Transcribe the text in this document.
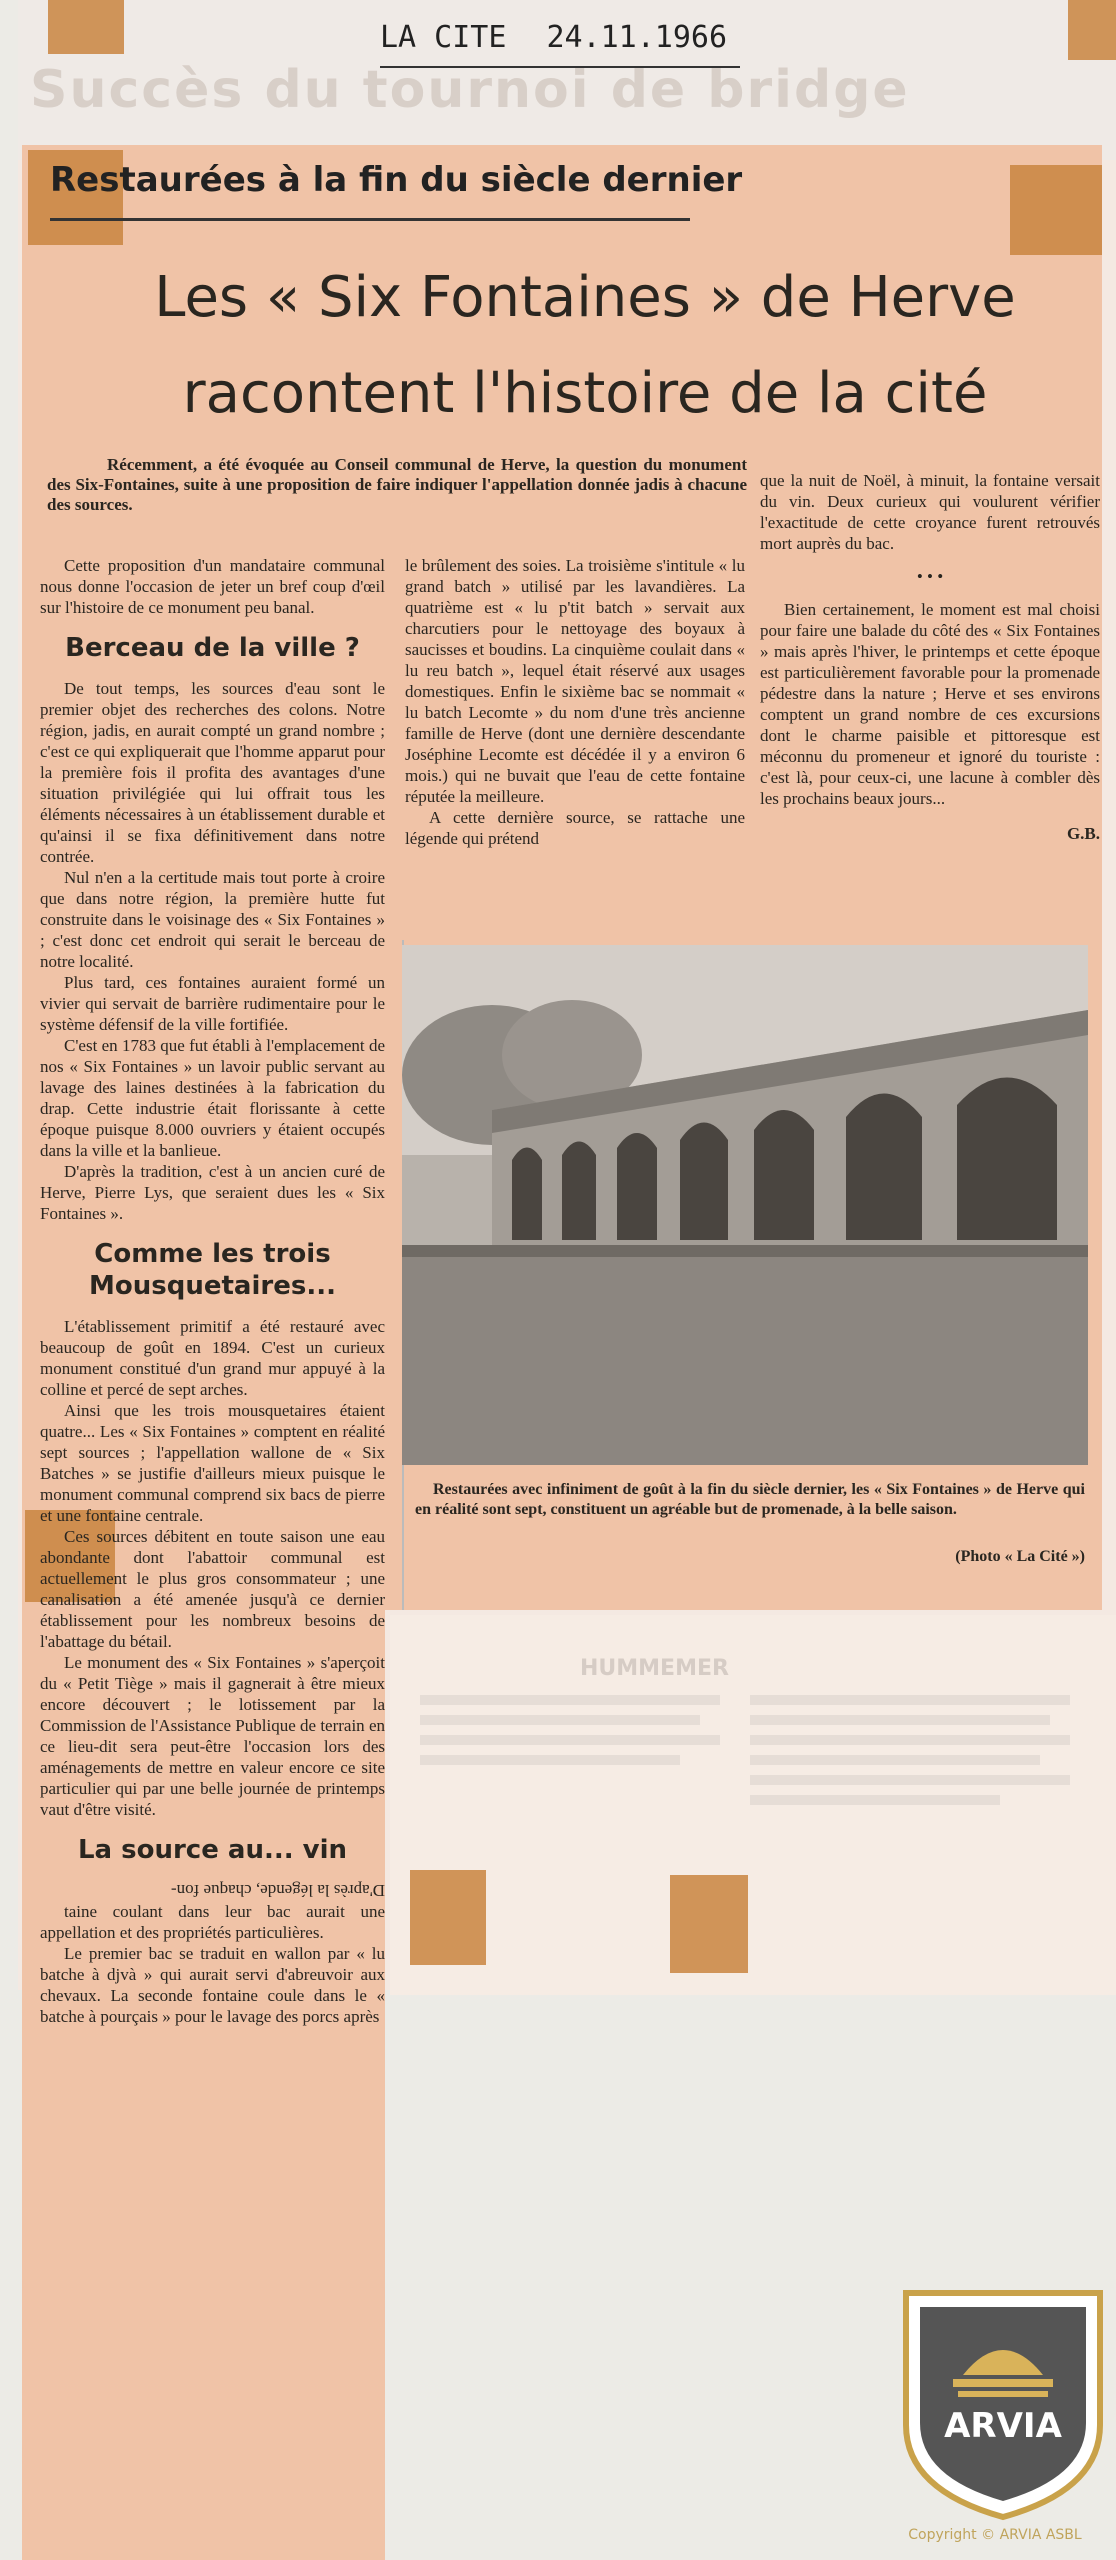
Succès du tournoi de bridge
LA CITE 24.11.1966
HUMMEMER
Restaurées à la fin du siècle dernier
Les « Six Fontaines » de Herve
racontent l'histoire de la cité
Récemment, a été évoquée au Conseil communal de Herve, la question du monument des Six-Fontaines, suite à une proposition de faire indiquer l'appellation donnée jadis à chacune des sources.

Cette proposition d'un mandataire communal nous donne l'occasion de jeter un bref coup d'œil sur l'histoire de ce monument peu banal.

Berceau de la ville ?

De tout temps, les sources d'eau sont le premier objet des recherches des colons. Notre région, jadis, en aurait compté un grand nombre ; c'est ce qui expliquerait que l'homme apparut pour la première fois il profita des avantages d'une situation privilégiée qui lui offrait tous les éléments nécessaires à un établissement durable et qu'ainsi il se fixa définitivement dans notre contrée.

Nul n'en a la certitude mais tout porte à croire que dans notre région, la première hutte fut construite dans le voisinage des « Six Fontaines » ; c'est donc cet endroit qui serait le berceau de notre localité.

Plus tard, ces fontaines auraient formé un vivier qui servait de barrière rudimentaire pour le système défensif de la ville fortifiée.

C'est en 1783 que fut établi à l'emplacement de nos « Six Fontaines » un lavoir public servant au lavage des laines destinées à la fabrication du drap. Cette industrie était florissante à cette époque puisque 8.000 ouvriers y étaient occupés dans la ville et la banlieue.

D'après la tradition, c'est à un ancien curé de Herve, Pierre Lys, que seraient dues les « Six Fontaines ».

Comme les trois Mousquetaires...

L'établissement primitif a été restauré avec beaucoup de goût en 1894. C'est un curieux monument constitué d'un grand mur appuyé à la colline et percé de sept arches.

Ainsi que les trois mousquetaires étaient quatre... Les « Six Fontaines » comptent en réalité sept sources ; l'appellation wallone de « Six Batches » se justifie d'ailleurs mieux puisque le monument communal comprend six bacs de pierre et une fontaine centrale.

Ces sources débitent en toute saison une eau abondante dont l'abattoir communal est actuellement le plus gros consommateur ; une canalisation a été amenée jusqu'à ce dernier établissement pour les nombreux besoins de l'abattage du bétail.

Le monument des « Six Fontaines » s'aperçoit du « Petit Tiège » mais il gagnerait à être mieux encore découvert ; le lotissement par la Commission de l'Assistance Publique de terrain en ce lieu-dit sera peut-être l'occasion lors des aménagements de mettre en valeur encore ce site particulier qui par une belle journée de printemps vaut d'être visité.

La source au... vin

D'après la légende, chaque fon-

taine coulant dans leur bac aurait une appellation et des propriétés particulières.

Le premier bac se traduit en wallon par « lu batche à djvà » qui aurait servi d'abreuvoir aux chevaux. La seconde fontaine coule dans le « batche à pourçais » pour le lavage des porcs après

le brûlement des soies. La troisième s'intitule « lu grand batch » utilisé par les lavandières. La quatrième est « lu p'tit batch » servait aux charcutiers pour le nettoyage des boyaux à saucisses et boudins. La cinquième coulait dans « lu reu batch », lequel était réservé aux usages domestiques. Enfin le sixième bac se nommait « lu batch Lecomte » du nom d'une très ancienne famille de Herve (dont une dernière descendante Joséphine Lecomte est décédée il y a environ 6 mois.) qui ne buvait que l'eau de cette fontaine réputée la meilleure.

A cette dernière source, se rattache une légende qui prétend

que la nuit de Noël, à minuit, la fontaine versait du vin. Deux curieux qui voulurent vérifier l'exactitude de cette croyance furent retrouvés mort auprès du bac.

• • •

Bien certainement, le moment est mal choisi pour faire une balade du côté des « Six Fontaines » mais après l'hiver, le printemps et cette époque est particulièrement favorable pour la promenade pédestre dans la nature ; Herve et ses environs comptent un grand nombre de ces excursions dont le charme paisible et pittoresque est méconnu du promeneur et ignoré du touriste : c'est là, pour ceux-ci, une lacune à combler dès les prochains beaux jours...

G.B.

Restaurées avec infiniment de goût à la fin du siècle dernier, les « Six Fontaines » de Herve qui en réalité sont sept, constituent un agréable but de promenade, à la belle saison.
(Photo « La Cité »)
ARVIA
Copyright © ARVIA ASBL
